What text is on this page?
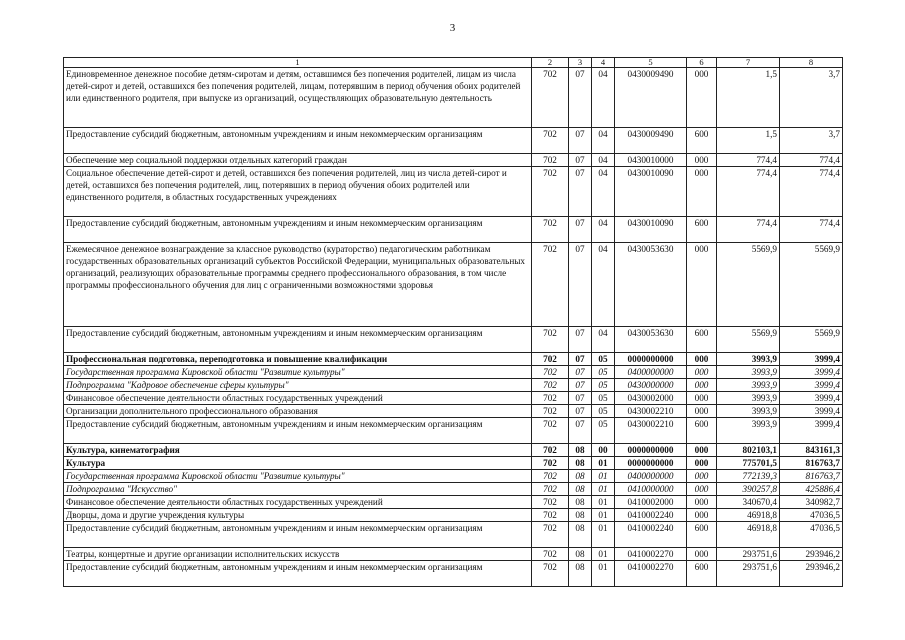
3
1	2	3	4	5	6	7	8
Единовременное денежное пособие детям-сиротам и детям, оставшимся без попечения родителей, лицам из числа детей-сирот и детей, оставшихся без попечения родителей, лицам, потерявшим в период обучения обоих родителей или единственного родителя, при выпуске из организаций, осуществляющих образовательную деятельность	702	07	04	0430009490	000	1,5	3,7
Предоставление субсидий бюджетным, автономным учреждениям и иным некоммерческим организациям	702	07	04	0430009490	600	1,5	3,7
Обеспечение мер социальной поддержки отдельных категорий граждан	702	07	04	0430010000	000	774,4	774,4
Социальное обеспечение детей-сирот и детей, оставшихся без попечения родителей, лиц из числа детей-сирот и детей, оставшихся без попечения родителей, лиц, потерявших в период обучения обоих родителей или единственного родителя, в областных государственных учреждениях	702	07	04	0430010090	000	774,4	774,4
Предоставление субсидий бюджетным, автономным учреждениям и иным некоммерческим организациям	702	07	04	0430010090	600	774,4	774,4
Ежемесячное денежное вознаграждение за классное руководство (кураторство) педагогическим работникам государственных образовательных организаций субъектов Российской Федерации, муниципальных образовательных организаций, реализующих образовательные программы среднего профессионального образования, в том числе программы профессионального обучения для лиц с ограниченными возможностями здоровья	702	07	04	0430053630	000	5569,9	5569,9
Предоставление субсидий бюджетным, автономным учреждениям и иным некоммерческим организациям	702	07	04	0430053630	600	5569,9	5569,9
Профессиональная подготовка, переподготовка и повышение квалификации	702	07	05	0000000000	000	3993,9	3999,4
Государственная программа Кировской области "Развитие культуры"	702	07	05	0400000000	000	3993,9	3999,4
Подпрограмма "Кадровое обеспечение сферы культуры"	702	07	05	0430000000	000	3993,9	3999,4
Финансовое обеспечение деятельности областных государственных учреждений	702	07	05	0430002000	000	3993,9	3999,4
Организации дополнительного профессионального образования	702	07	05	0430002210	000	3993,9	3999,4
Предоставление субсидий бюджетным, автономным учреждениям и иным некоммерческим организациям	702	07	05	0430002210	600	3993,9	3999,4
Культура, кинематография	702	08	00	0000000000	000	802103,1	843161,3
Культура	702	08	01	0000000000	000	775701,5	816763,7
Государственная программа Кировской области "Развитие культуры"	702	08	01	0400000000	000	772139,3	816763,7
Подпрограмма "Искусство"	702	08	01	0410000000	000	390257,8	425886,4
Финансовое обеспечение деятельности областных государственных учреждений	702	08	01	0410002000	000	340670,4	340982,7
Дворцы, дома и другие учреждения культуры	702	08	01	0410002240	000	46918,8	47036,5
Предоставление субсидий бюджетным, автономным учреждениям и иным некоммерческим организациям	702	08	01	0410002240	600	46918,8	47036,5
Театры, концертные и другие организации исполнительских искусств	702	08	01	0410002270	000	293751,6	293946,2
Предоставление субсидий бюджетным, автономным учреждениям и иным некоммерческим организациям	702	08	01	0410002270	600	293751,6	293946,2
